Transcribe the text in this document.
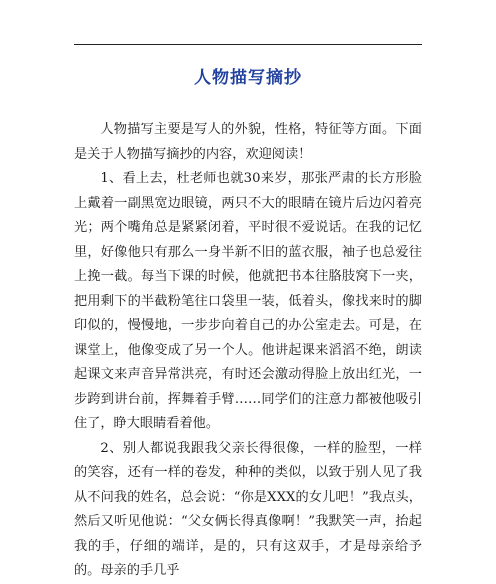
人物描写摘抄

人物描写主要是写人的外貌，性格，特征等方面。下面是关于人物描写摘抄的内容，欢迎阅读！

1、看上去，杜老师也就30来岁，那张严肃的长方形脸上戴着一副黑宽边眼镜，两只不大的眼睛在镜片后边闪着亮光；两个嘴角总是紧紧闭着，平时很不爱说话。在我的记忆里，好像他只有那么一身半新不旧的蓝衣服，袖子也总爱往上挽一截。每当下课的时候，他就把书本往胳肢窝下一夹，把用剩下的半截粉笔往口袋里一装，低着头，像找来时的脚印似的，慢慢地，一步步向着自己的办公室走去。可是，在课堂上，他像变成了另一个人。他讲起课来滔滔不绝，朗读起课文来声音异常洪亮，有时还会激动得脸上放出红光，一步跨到讲台前，挥舞着手臂……同学们的注意力都被他吸引住了，睁大眼睛看着他。

2、别人都说我跟我父亲长得很像，一样的脸型，一样的笑容，还有一样的卷发，种种的类似，以致于别人见了我从不问我的姓名，总会说：“你是XXX的女儿吧！”我点头，然后又听见他说：“父女俩长得真像啊！”我默笑一声，抬起我的手，仔细的端详，是的，只有这双手，才是母亲给予的。母亲的手几乎
